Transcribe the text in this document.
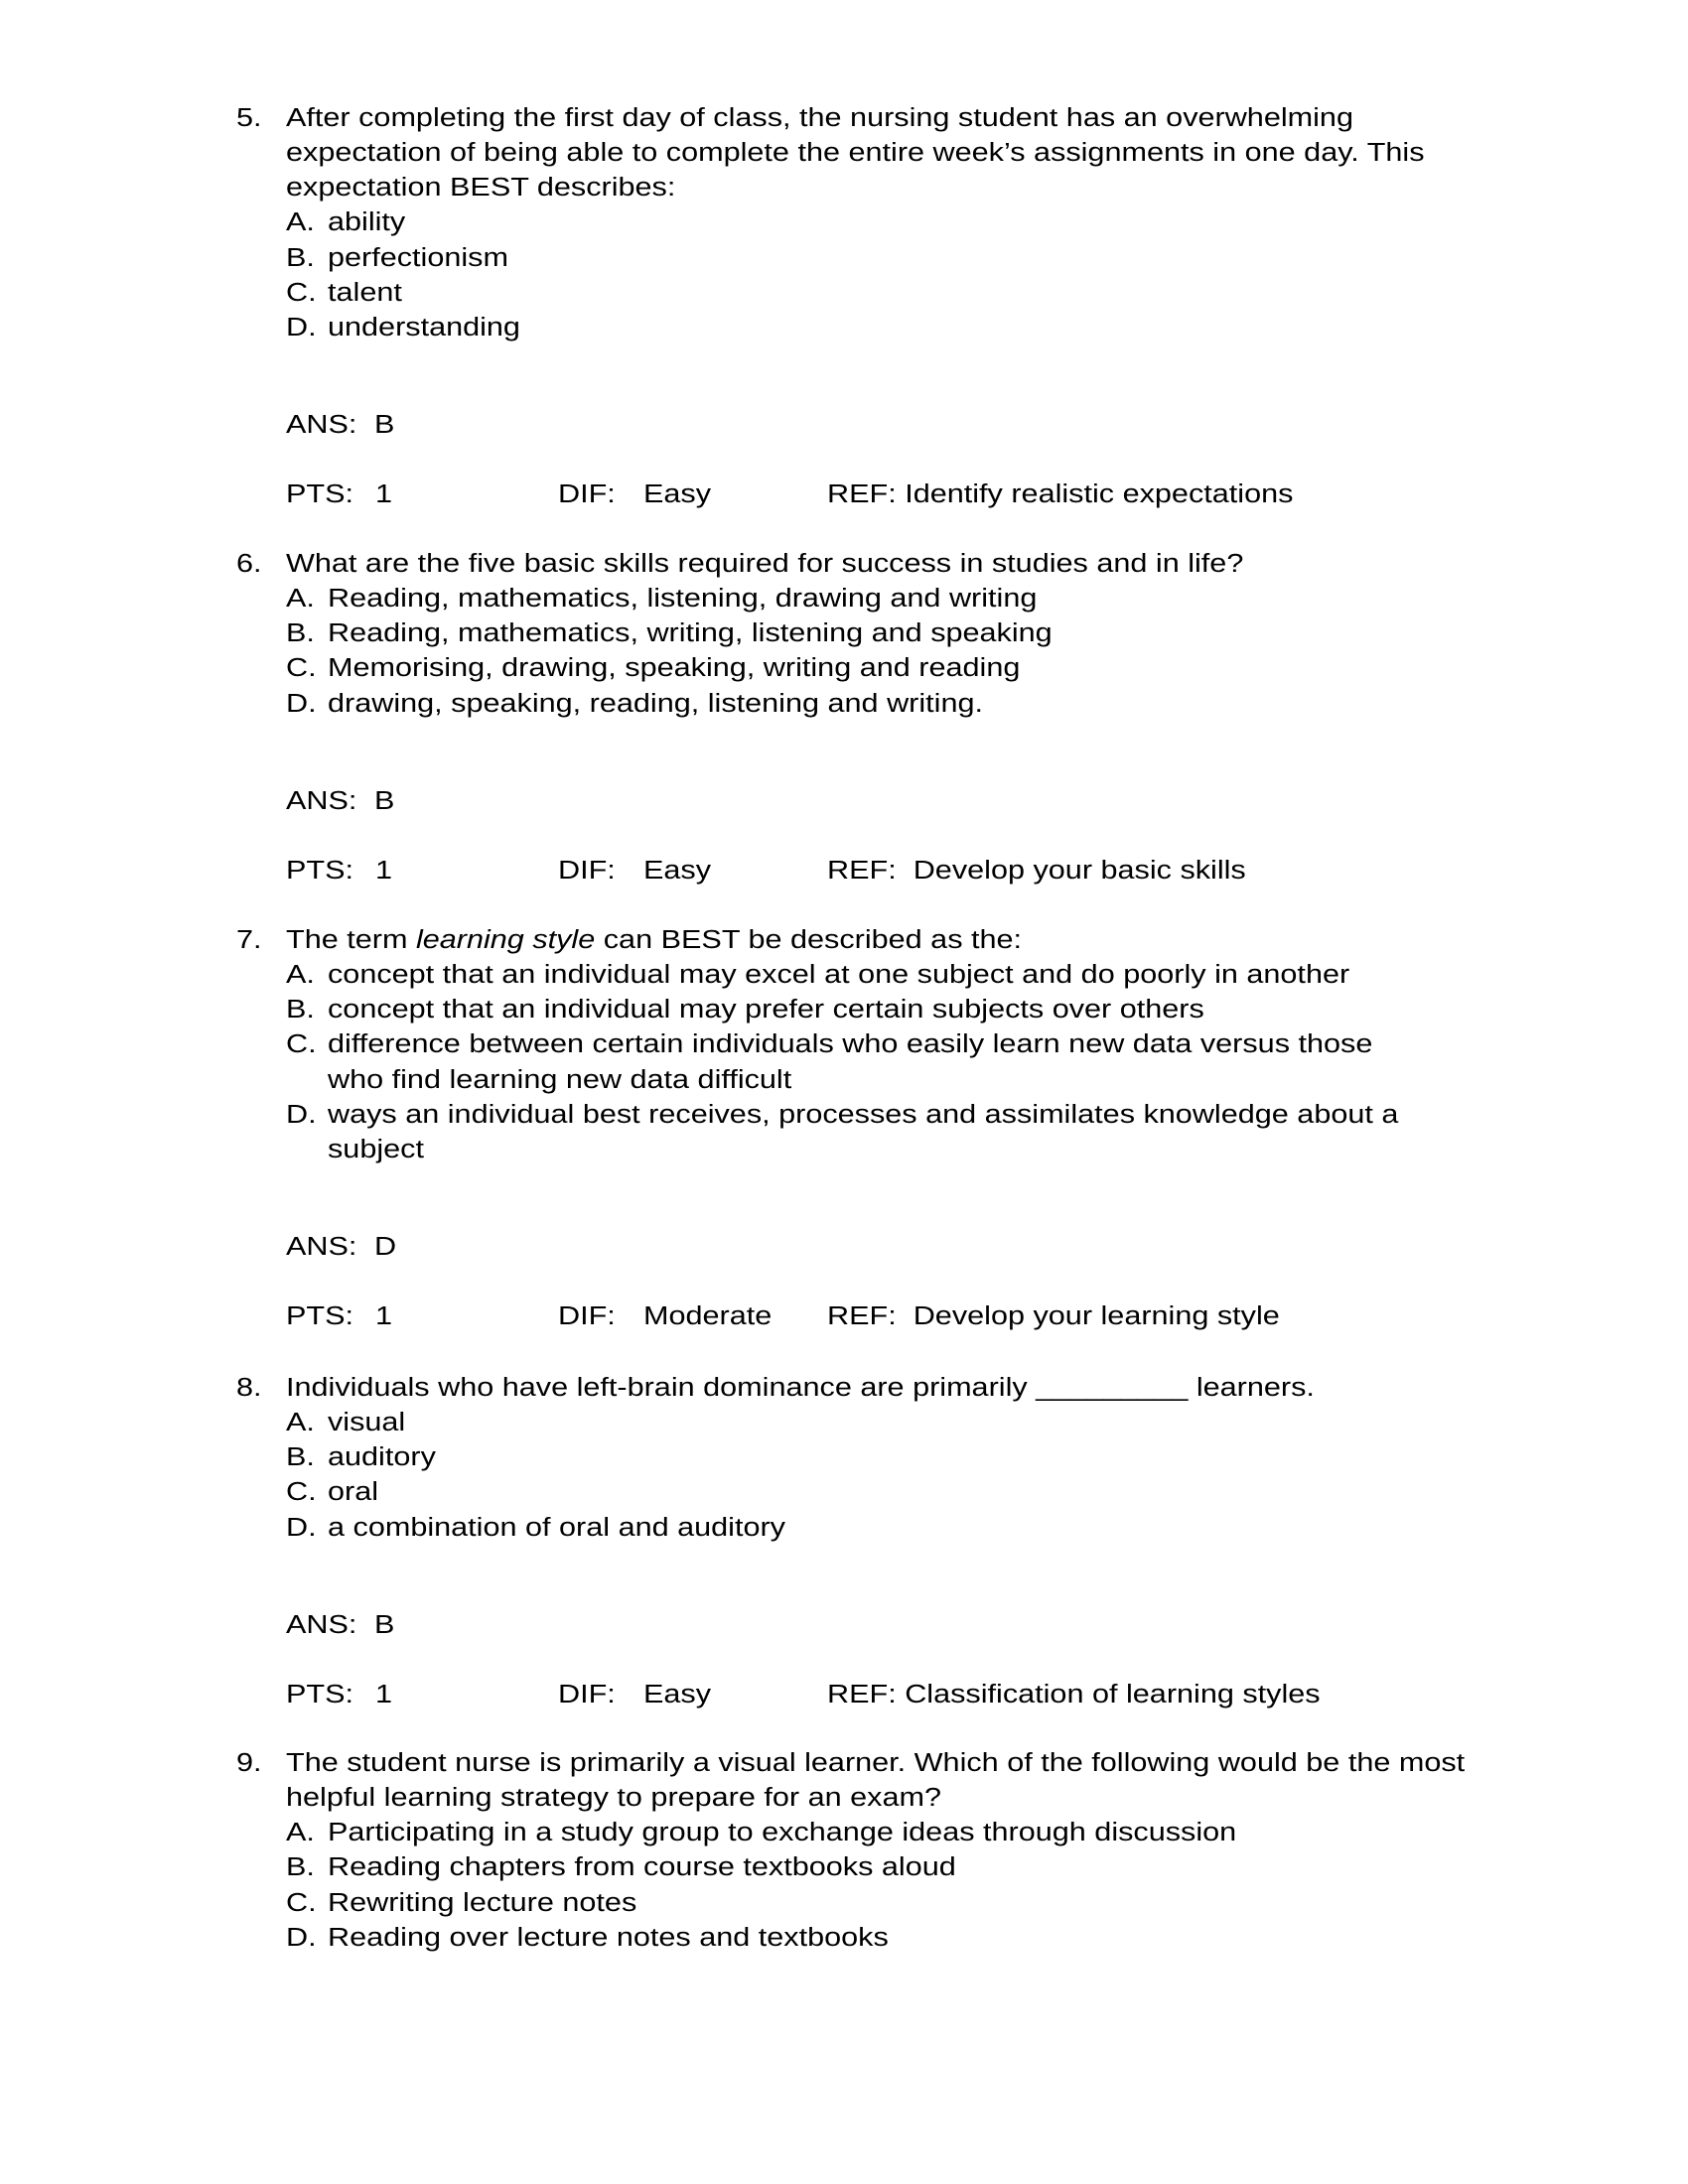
5.

After completing the first day of class, the nursing student has an overwhelming

expectation of being able to complete the entire week’s assignments in one day. This

expectation BEST describes:

A.

ability

B.

perfectionism

C.

talent

D.

understanding

ANS:

B

PTS:

1

	DIF:

Easy

	REF: Identify realistic expectations

6.

What are the five basic skills required for success in studies and in life?

A.

Reading, mathematics, listening, drawing and writing

B.

Reading, mathematics, writing, listening and speaking

C.

Memorising, drawing, speaking, writing and reading

D.

drawing, speaking, reading, listening and writing.

ANS:

B

PTS:

1

	DIF:

Easy

	REF:  Develop your basic skills

7.

The term learning style can BEST be described as the:

A.

concept that an individual may excel at one subject and do poorly in another

B.

concept that an individual may prefer certain subjects over others

C.

difference between certain individuals who easily learn new data versus those

who find learning new data difficult

D.

ways an individual best receives, processes and assimilates knowledge about a

subject

ANS:

D

PTS:

1

	DIF:

Moderate

REF:  Develop your learning style

8.

Individuals who have left-brain dominance are primarily _________ learners.

A.

visual

B.

auditory

C.

oral

D.

a combination of oral and auditory

ANS:

B

PTS:

1

	DIF:

Easy

	REF: Classification of learning styles

9.

The student nurse is primarily a visual learner. Which of the following would be the most

helpful learning strategy to prepare for an exam?

A.

Participating in a study group to exchange ideas through discussion

B.

Reading chapters from course textbooks aloud

C.

Rewriting lecture notes

D.

Reading over lecture notes and textbooks
